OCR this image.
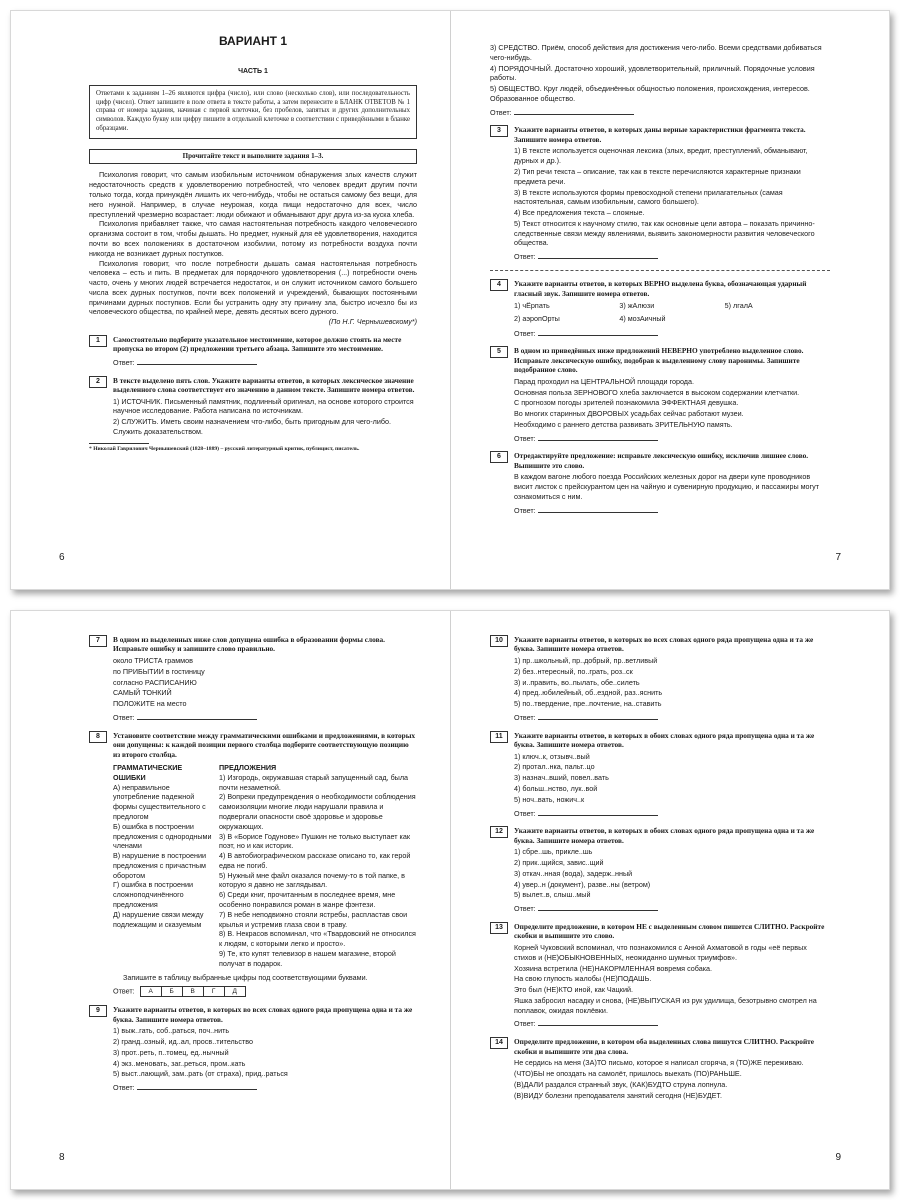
ВАРИАНТ 1
ЧАСТЬ 1
Ответами к заданиям 1–26 являются цифра (число), или слово (несколько слов), или последовательность цифр (чисел). Ответ запишите в поле ответа в тексте работы, а затем перенесите в БЛАНК ОТВЕТОВ № 1 справа от номера задания, начиная с первой клеточки, без пробелов, запятых и других дополнительных символов. Каждую букву или цифру пишите в отдельной клеточке в соответствии с приведёнными в бланке образцами.
Прочитайте текст и выполните задания 1–3.

Психология говорит, что самым изобильным источником обнаружения злых качеств служит недостаточность средств к удовлетворению потребностей, что человек вредит другим почти только тогда, когда принуждён лишить их чего-нибудь, чтобы не остаться самому без вещи, для него нужной. Например, в случае неурожая, когда пищи недостаточно для всех, число преступлений чрезмерно возрастает: люди обижают и обманывают друг друга из-за куска хлеба.

Психология прибавляет также, что самая настоятельная потребность каждого человеческого организма состоит в том, чтобы дышать. Но предмет, нужный для её удовлетворения, находится почти во всех положениях в достаточном изобилии, потому из потребности воздуха почти никогда не возникает дурных поступков.

Психология говорит, что после потребности дышать самая настоятельная потребность человека – есть и пить. В предметах для порядочного удовлетворения (...) потребности очень часто, очень у многих людей встречается недостаток, и он служит источником самого большего числа всех дурных поступков, почти всех положений и учреждений, бывающих постоянными причинами дурных поступков. Если бы устранить одну эту причину зла, быстро исчезло бы из человеческого общества, по крайней мере, девять десятых всего дурного.

(По Н.Г. Чернышевскому*)
1	Самостоятельно подберите указательное местоимение, которое должно стоять на месте пропуска во втором (2) предложении третьего абзаца. Запишите это местоимение.
Ответ:
2	В тексте выделено пять слов. Укажите варианты ответов, в которых лексическое значение выделенного слова соответствует его значению в данном тексте. Запишите номера ответов.
1) ИСТОЧНИК. Письменный памятник, подлинный оригинал, на основе которого строится научное исследование. Работа написана по источникам.
2) СЛУЖИТЬ. Иметь своим назначением что-либо, быть пригодным для чего-либо. Служить доказательством.
* Николай Гаврилович Чернышевский (1828–1889) – русский литературный критик, публицист, писатель.
6
3) СРЕДСТВО. Приём, способ действия для достижения чего-либо. Всеми средствами добиваться чего-нибудь.
4) ПОРЯДОЧНЫЙ. Достаточно хороший, удовлетворительный, приличный. Порядочные условия работы.
5) ОБЩЕСТВО. Круг людей, объединённых общностью положения, происхождения, интересов. Образованное общество.
Ответ:
3	Укажите варианты ответов, в которых даны верные характеристики фрагмента текста. Запишите номера ответов.
1) В тексте используется оценочная лексика (злых, вредит, преступлений, обманывают, дурных и др.).
2) Тип речи текста – описание, так как в тексте перечисляются характерные признаки предмета речи.
3) В тексте используются формы превосходной степени прилагательных (самая настоятельная, самым изобильным, самого большего).
4) Все предложения текста – сложные.
5) Текст относится к научному стилю, так как основные цели автора – показать причинно-следственные связи между явлениями, выявить закономерности развития человеческого общества.
Ответ:
4	Укажите варианты ответов, в которых ВЕРНО выделена буква, обозначающая ударный гласный звук. Запишите номера ответов.
1) чЁрпать	3) жАлюзи	5) лгалА
2) аэропОрты	4) мозАичный
Ответ:
5	В одном из приведённых ниже предложений НЕВЕРНО употреблено выделенное слово. Исправьте лексическую ошибку, подобрав к выделенному слову паронимы. Запишите подобранное слово.
Парад проходил на ЦЕНТРАЛЬНОЙ площади города.
Основная польза ЗЕРНОВОГО хлеба заключается в высоком содержании клетчатки.
С прогнозом погоды зрителей познакомила ЭФФЕКТНАЯ девушка.
Во многих старинных ДВОРОВЫХ усадьбах сейчас работают музеи.
Необходимо с раннего детства развивать ЗРИТЕЛЬНУЮ память.
Ответ:
6	Отредактируйте предложение: исправьте лексическую ошибку, исключив лишнее слово. Выпишите это слово.
В каждом вагоне любого поезда Российских железных дорог на двери купе проводников висит листок с прейскурантом цен на чайную и сувенирную продукцию, и пассажиры могут ознакомиться с ним.
Ответ:
7
7	В одном из выделенных ниже слов допущена ошибка в образовании формы слова. Исправьте ошибку и запишите слово правильно.
около ТРИСТА граммов
по ПРИБЫТИИ в гостиницу
согласно РАСПИСАНИЮ
САМЫЙ ТОНКИЙ
ПОЛОЖИТЕ на место
Ответ:
8	Установите соответствие между грамматическими ошибками и предложениями, в которых они допущены: к каждой позиции первого столбца подберите соответствующую позицию из второго столбца.
ГРАММАТИЧЕСКИЕ ОШИБКИ
А) неправильное употребление падежной формы существительного с предлогом
Б) ошибка в построении предложения с однородными членами
В) нарушение в построении предложения с причастным оборотом
Г) ошибка в построении сложноподчинённого предложения
Д) нарушение связи между подлежащим и сказуемым
ПРЕДЛОЖЕНИЯ
1) Изгородь, окружавшая старый запущенный сад, была почти незаметной.
2) Вопреки предупреждения о необходимости соблюдения самоизоляции многие люди нарушали правила и подвергали опасности своё здоровье и здоровье окружающих.
3) В «Борисе Годунове» Пушкин не только выступает как поэт, но и как историк.
4) В автобиографическом рассказе описано то, как герой едва не погиб.
5) Нужный мне файл оказался почему-то в той папке, в которую я давно не заглядывал.
6) Среди книг, прочитанным в последнее время, мне особенно понравился роман в жанре фэнтези.
7) В небе неподвижно стояли ястребы, распластав свои крылья и устремив глаза свои в траву.
8) В. Некрасов вспоминал, что «Твардовский не относился к людям, с которыми легко и просто».
9) Те, кто купят телевизор в нашем магазине, второй получат в подарок.
Запишите в таблицу выбранные цифры под соответствующими буквами.
Ответ:	А	Б	В	Г	Д
9	Укажите варианты ответов, в которых во всех словах одного ряда пропущена одна и та же буква. Запишите номера ответов.
1) выж..гать, соб..раться, поч..нить
2) гранд..озный, ид..ал, просв..тительство
3) прот..реть, п..томец, ед..нычный
4) экз..меновать, заг..реться, пром..кать
5) выст..лающий, зам..рать (от страха), прид..раться
Ответ:
8
10	Укажите варианты ответов, в которых во всех словах одного ряда пропущена одна и та же буква. Запишите номера ответов.
1) пр..школьный, пр..добрый, пр..ветливый
2) без..нтересный, по..грать, роз..ск
3) и..править, во..пылать, обе..силеть
4) пред..юбилейный, об..ездной, раз..яснить
5) по..твердение, пре..почтение, на..ставить
Ответ:
11	Укажите варианты ответов, в которых в обоих словах одного ряда пропущена одна и та же буква. Запишите номера ответов.
1) ключ..к, отзывч..вый
2) протал..нка, пальт..цо
3) назнач..вший, повел..вать
4) больш..нство, лук..вой
5) ноч..вать, ножич..к
Ответ:
12	Укажите варианты ответов, в которых в обоих словах одного ряда пропущена одна и та же буква. Запишите номера ответов.
1) сбре..шь, прикле..шь
2) прик..щийся, завис..щий
3) откач..нная (вода), задерж..нный
4) увер..н (документ), разве..ны (ветром)
5) вылет..в, слыш..мый
Ответ:
13	Определите предложение, в котором НЕ с выделенным словом пишется СЛИТНО. Раскройте скобки и выпишите это слово.
Корней Чуковский вспоминал, что познакомился с Анной Ахматовой в годы «её первых стихов и (НЕ)ОБЫКНОВЕННЫХ, неожиданно шумных триумфов».
Хозяина встретила (НЕ)НАКОРМЛЕННАЯ вовремя собака.
На свою глупость жалобы (НЕ)ПОДАШЬ.
Это был (НЕ)КТО иной, как Чацкий.
Яшка забросил насадку и снова, (НЕ)ВЫПУСКАЯ из рук удилища, безотрывно смотрел на поплавок, ожидая поклёвки.
Ответ:
14	Определите предложение, в котором оба выделенных слова пишутся СЛИТНО. Раскройте скобки и выпишите эти два слова.
Не сердись на меня (ЗА)ТО письмо, которое я написал сгоряча, я (ТО)ЖЕ переживаю.
(ЧТО)БЫ не опоздать на самолёт, пришлось выехать (ПО)РАНЬШЕ.
(В)ДАЛИ раздался странный звук, (КАК)БУДТО струна лопнула.
(В)ВИДУ болезни преподавателя занятий сегодня (НЕ)БУДЕТ.
9
